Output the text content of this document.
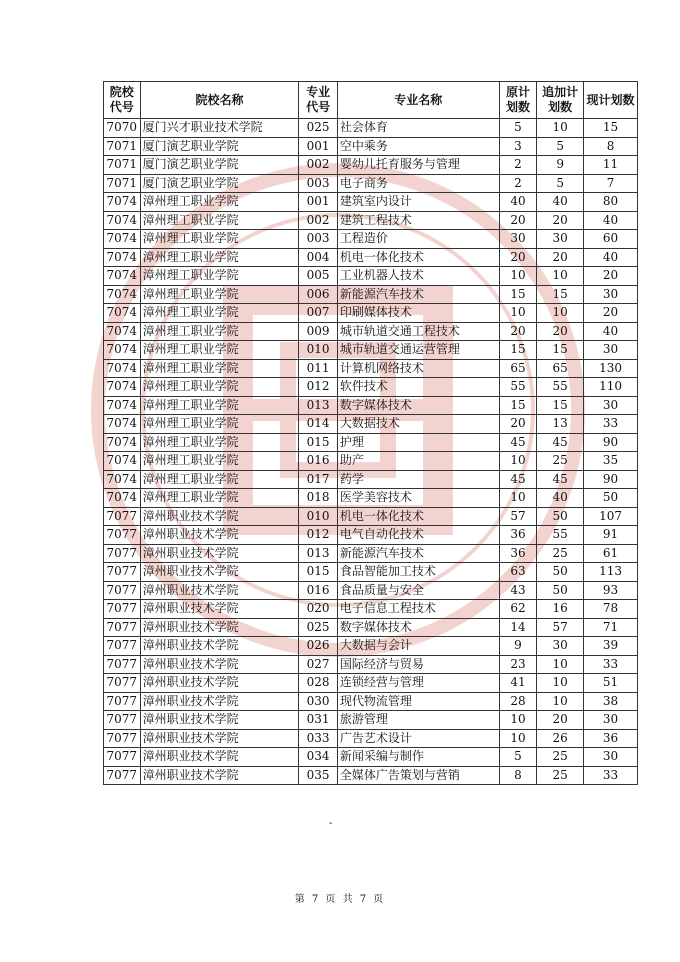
院校代号	院校名称	专业代号	专业名称	原计划数	追加计划数	现计划数
7070	厦门兴才职业技术学院	025	社会体育	5	10	15
7071	厦门演艺职业学院	001	空中乘务	3	5	8
7071	厦门演艺职业学院	002	婴幼儿托育服务与管理	2	9	11
7071	厦门演艺职业学院	003	电子商务	2	5	7
7074	漳州理工职业学院	001	建筑室内设计	40	40	80
7074	漳州理工职业学院	002	建筑工程技术	20	20	40
7074	漳州理工职业学院	003	工程造价	30	30	60
7074	漳州理工职业学院	004	机电一体化技术	20	20	40
7074	漳州理工职业学院	005	工业机器人技术	10	10	20
7074	漳州理工职业学院	006	新能源汽车技术	15	15	30
7074	漳州理工职业学院	007	印刷媒体技术	10	10	20
7074	漳州理工职业学院	009	城市轨道交通工程技术	20	20	40
7074	漳州理工职业学院	010	城市轨道交通运营管理	15	15	30
7074	漳州理工职业学院	011	计算机网络技术	65	65	130
7074	漳州理工职业学院	012	软件技术	55	55	110
7074	漳州理工职业学院	013	数字媒体技术	15	15	30
7074	漳州理工职业学院	014	大数据技术	20	13	33
7074	漳州理工职业学院	015	护理	45	45	90
7074	漳州理工职业学院	016	助产	10	25	35
7074	漳州理工职业学院	017	药学	45	45	90
7074	漳州理工职业学院	018	医学美容技术	10	40	50
7077	漳州职业技术学院	010	机电一体化技术	57	50	107
7077	漳州职业技术学院	012	电气自动化技术	36	55	91
7077	漳州职业技术学院	013	新能源汽车技术	36	25	61
7077	漳州职业技术学院	015	食品智能加工技术	63	50	113
7077	漳州职业技术学院	016	食品质量与安全	43	50	93
7077	漳州职业技术学院	020	电子信息工程技术	62	16	78
7077	漳州职业技术学院	025	数字媒体技术	14	57	71
7077	漳州职业技术学院	026	大数据与会计	9	30	39
7077	漳州职业技术学院	027	国际经济与贸易	23	10	33
7077	漳州职业技术学院	028	连锁经营与管理	41	10	51
7077	漳州职业技术学院	030	现代物流管理	28	10	38
7077	漳州职业技术学院	031	旅游管理	10	20	30
7077	漳州职业技术学院	033	广告艺术设计	10	26	36
7077	漳州职业技术学院	034	新闻采编与制作	5	25	30
7077	漳州职业技术学院	035	全媒体广告策划与营销	8	25	33
-
第 7 页 共 7 页
